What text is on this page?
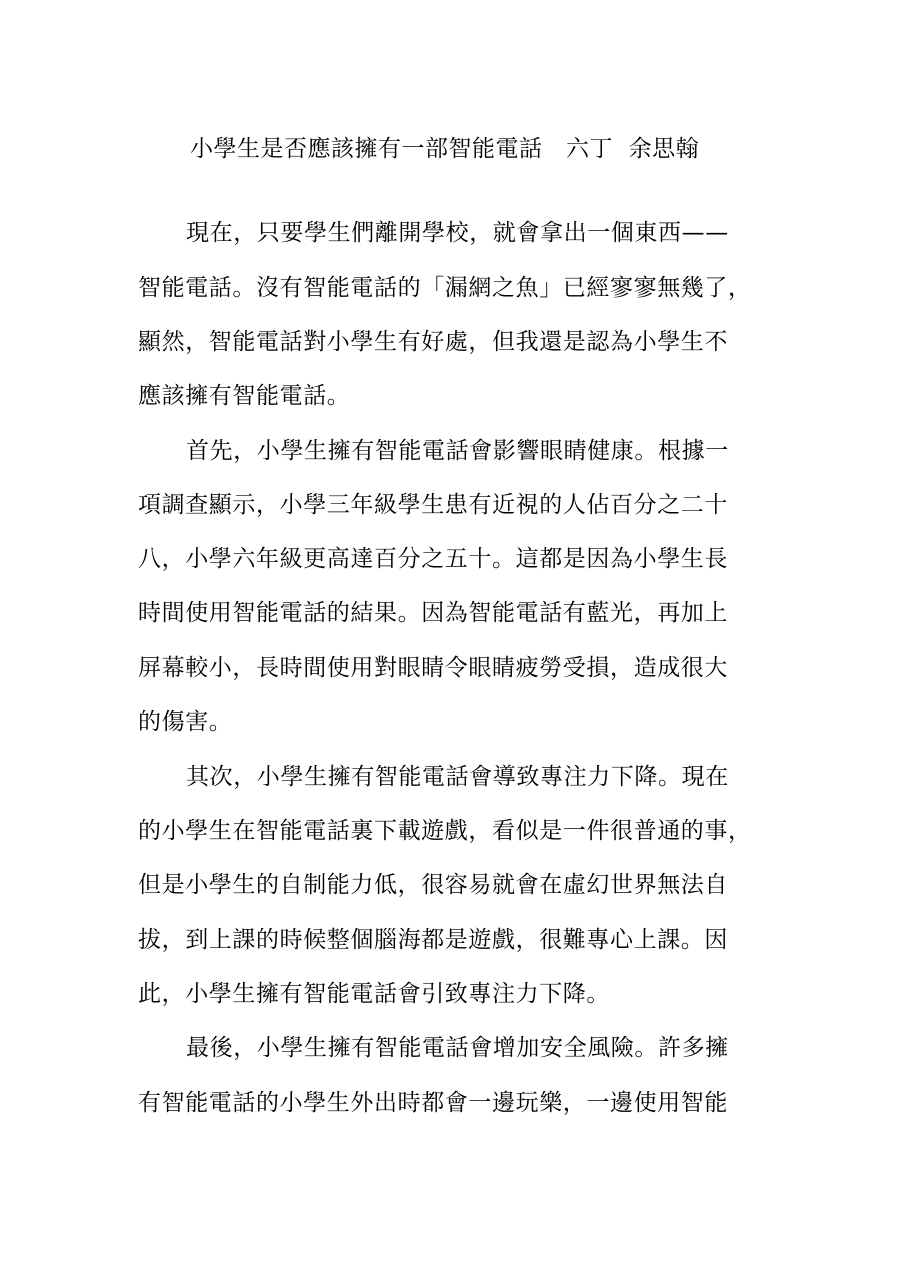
小學生是否應該擁有一部智能電話　六丁  余思翰
現在，只要學生們離開學校，就會拿出一個東西——
智能電話。沒有智能電話的「漏網之魚」已經寥寥無幾了，
顯然，智能電話對小學生有好處，但我還是認為小學生不
應該擁有智能電話。
首先，小學生擁有智能電話會影響眼睛健康。根據一
項調查顯示，小學三年級學生患有近視的人佔百分之二十
八，小學六年級更高達百分之五十。這都是因為小學生長
時間使用智能電話的結果。因為智能電話有藍光，再加上
屏幕較小，長時間使用對眼睛令眼睛疲勞受損，造成很大
的傷害。
其次，小學生擁有智能電話會導致專注力下降。現在
的小學生在智能電話裏下載遊戲，看似是一件很普通的事，
但是小學生的自制能力低，很容易就會在虛幻世界無法自
拔，到上課的時候整個腦海都是遊戲，很難專心上課。因
此，小學生擁有智能電話會引致專注力下降。
最後，小學生擁有智能電話會增加安全風險。許多擁
有智能電話的小學生外出時都會一邊玩樂，一邊使用智能
